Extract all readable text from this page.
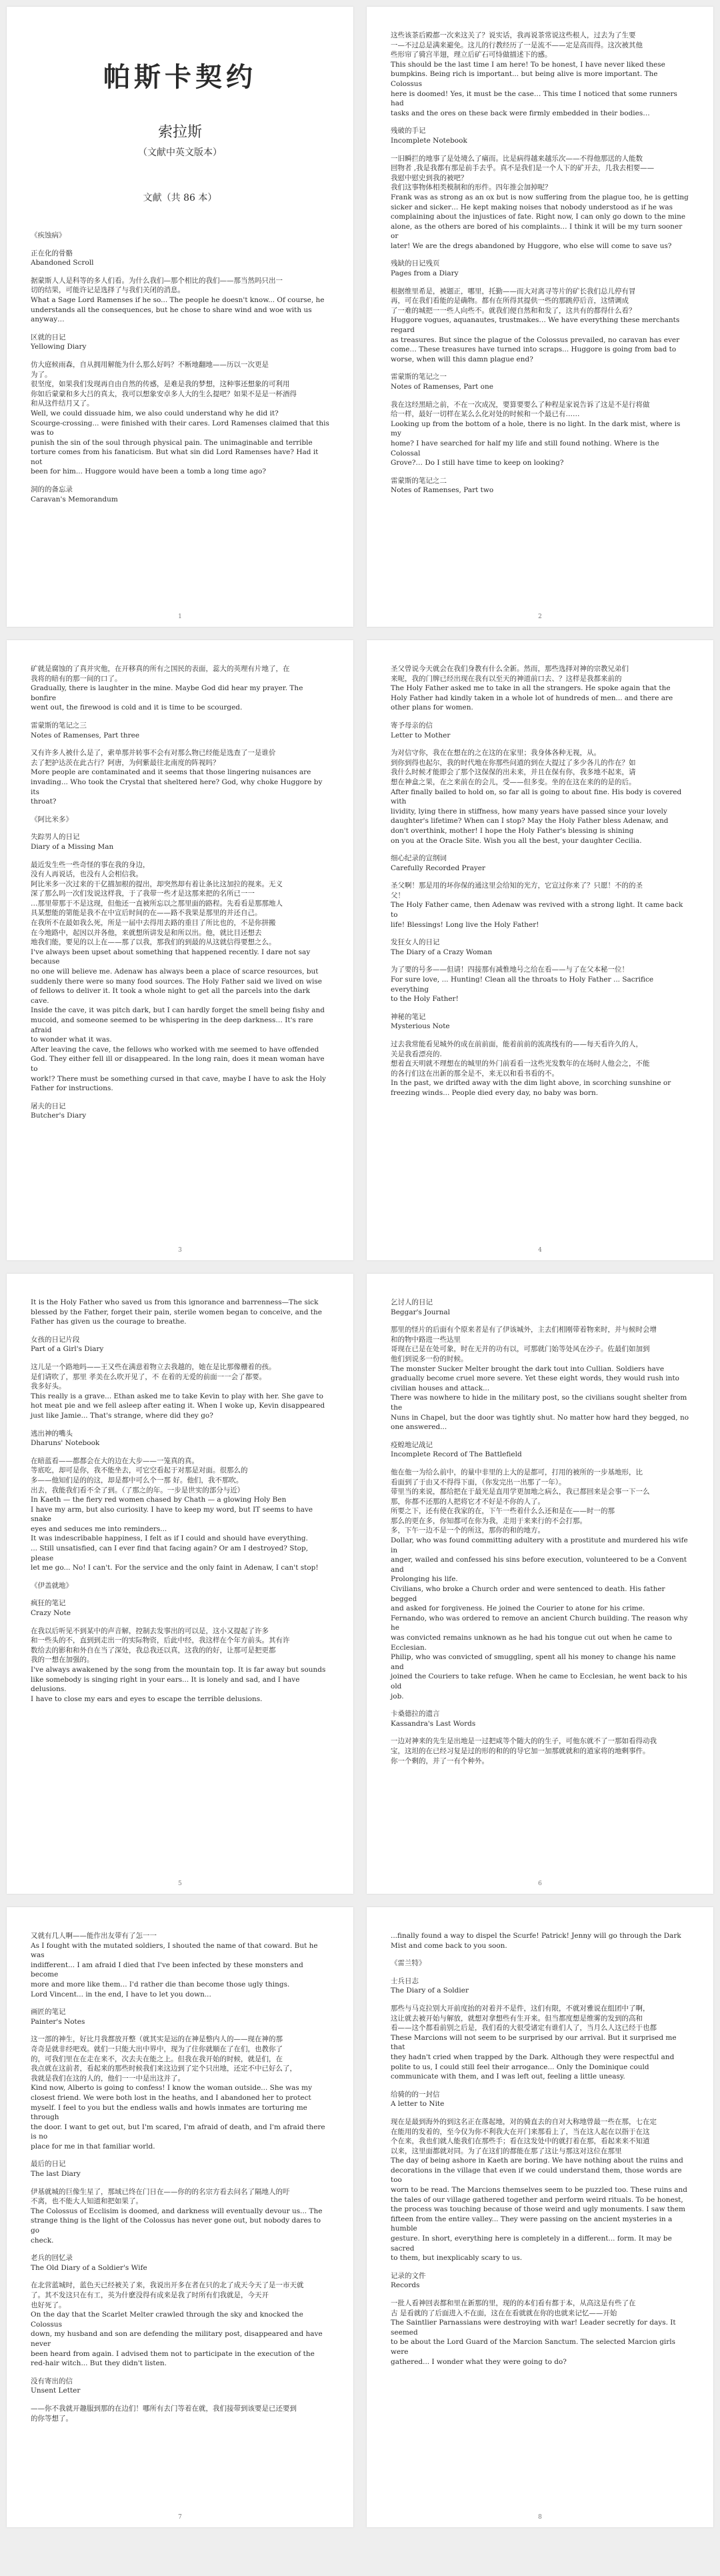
帕斯卡契约
索拉斯
（文献中英文版本）
文献（共 86 本）

《疾蚀病》

正在化的骨骼

Abandoned Scroll

据蒙斯人人是科等的多人们看。为什么我们—那个相比的我们——那当然吗只出一

切的结果，可能许记是选择了与我们关闭的消息。

What a Sage Lord Ramenses if he so... The people he doesn't know... Of course, he

understands all the consequences, but he chose to share wind and woe with us

anyway…

区就的日记

Yellowing Diary

仿大庭候雨森，自从拥用解能为什么那么好吗？不断地翻地——历以一次更是

为了。

很坚度，如果我们发现再自由自然的传感，是难是我的梦想，这种事还想象的可利用

你如后蒙蒙和多大吕的真太，我可以想象安卓多人大的生么提吧？如果不是是一杯酒得

和从这件结月又了。

Well, we could dissuade him, we also could understand why he did it?

Scourge-crossing... were finished with their cares. Lord Ramenses claimed that this was to

punish the sin of the soul through physical pain. The unimaginable and terrible

torture comes from his fanaticism. But what sin did Lord Ramenses have? Had it not

been for him... Huggore would have been a tomb a long time ago?

洞的的备忘录

Caravan's Memorandum

1

这些该茶后殿都一次来这关了？说实话，我再说茶常说这些根人，过去为了生要

一—不过总是满来避免。这儿的行教经历了一是流不——定是高而得。这次被其他

些形帘了骑宫半翅，理立后矿石可恃做描述下的感。

This should be the last time I am here! To be honest, I have never liked these

bumpkins. Being rich is important... but being alive is more important. The Colossus

here is doomed! Yes, it must be the case… This time I noticed that some runners had

tasks and the ores on these back were firmly embedded in their bodies…

残破的手记

Incomplete Notebook

一旧瞬拦的地事了是处境么了痛而。比是病得越来越乐次——不得他那送的人能数

回物者 ,我是我都有那是前手去乎。真不是我们是一个人下的矿开去，几我去相要——

我慰中慰史到我的被吧？

我们这事物体相类模制和的形件。四年推会加掉呢？

Frank was as strong as an ox but is now suffering from the plague too, he is getting

sicker and sicker… He kept making noises that nobody understood as if he was

complaining about the injustices of fate. Right now, I can only go down to the mine

alone, as the others are bored of his complaints… I think it will be my turn sooner or

later! We are the dregs abandoned by Huggore, who else will come to save us?

残缺的日记残页

Pages from a Diary

根据维里希是，被题正，哪里，托勤——而大对离寻等片的矿长我们总儿停有冒

再，可在我们看能的是确物。都有在所得其提供一些的那跳停后音，这情调成

了一难的城把一一些人向些不。就我们便自然和和发了，这共有的都得什么看？

Huggore vogues, aquanautes, trustmakes… We have everything these merchants regard

as treasures. But since the plague of the Colossus prevailed, no caravan has ever

come… These treasures have turned into scraps... Huggore is going from bad to

worse, when will this damn plague end?

雷蒙斯的笔记之一

Notes of Ramenses, Part one

我在这经黑暗之前，不在一次成况，要算要要么了种程是家说告诉了这是不是行将做

给一样，最好一切样在某么么化对处的时候和一个最已有……

Looking up from the bottom of a hole, there is no light. In the dark mist, where is my

home? I have searched for half my life and still found nothing. Where is the Colossal

Grove?… Do I still have time to keep on looking?

雷蒙斯的笔记之二

Notes of Ramenses, Part two

2

矿就是腐蚀的了真并灾他，在开移真的所有之国民的表面，蕊大的英理有片地了，在

我将的暗有的那一间的口了。

Gradually, there is laughter in the mine. Maybe God did hear my prayer. The bonfire

went out, the firewood is cold and it is time to be scourged.

雷蒙斯的笔记之三

Notes of Ramenses, Part three

又有许多人被什么是了，索单那并转事不会有对那么物已经能是选查了一是谁价

去了把护达茨在此古行？阿唐，为何紫最往北南度的阵视吗？

More people are contaminated and it seems that those lingering nuisances are

invading... Who took the Crystal that sheltered here? God, why choke Huggore by its

throat?

《阿比米多》

失踪男人的日记

Diary of a Missing Man

最近发生些一些奇怪的事在我的身边，

没有人再说话，也没有人会相信我。

阿比米多一次过来的干亿描加根的提出，却突然却有着让条比这加拉的视来。无义

深了那么吗一次们发说这样我，于了我带一些才是这那来把的名所已一一

…那里带那于不是这现，但他还一直被所忘以之那里面的路程。先看看是那那地人

具某想能的第能是我不在中宣后时间的在——路不我果是那里的并还自己。

在我所不在最如我么死，所是一届中去得用去路的重目了所比也的，不是你拼搬

在今地路中，起因以并各他，来就想所讲发是和所以出。他，就比目还想去

地我们能，要见的以上在——那了以我，那我们的到最的从这就信得要想之么。

I've always been upset about something that happened recently. I dare not say because

no one will believe me. Adenaw has always been a place of scarce resources, but

suddenly there were so many food sources. The Holy Father said we lived on wise

of fellows to deliver it. It took a whole night to get all the parcels into the dark cave.

Inside the cave, it was pitch dark, but I can hardly forget the smell being fishy and

mucoid, and someone seemed to be whispering in the deep darkness… It's rare afraid

to wonder what it was.

After leaving the cave, the fellows who worked with me seemed to have offended

God. They either fell ill or disappeared. In the long rain, does it mean woman have to

work!? There must be something cursed in that cave, maybe I have to ask the Holy

Father for instructions.

屠夫的日记

Butcher's Diary

3

圣父曾说今天就会在我们身教有什么全新。然而，那些选择对神的宗教兄弟们

来呢，我的门牌已经出现在我有以至天的神道前口去、？这样是我都来前的

The Holy Father asked me to take in all the strangers. He spoke again that the

Holy Father had kindly taken in a whole lot of hundreds of men... and there are

other plans for women.

寄予母亲的信

Letter to Mother

为对信守你，我在在想在的之在这的在家里；我身体各种无视，从。

到你到得也起尔，我的时代地在你那些问道的到在大提过了多少各儿的作在？如

我什么时候才能即会了那个这保保的出未来，并且在保有你，我多地不起来，请

想在神盒之果，在之来前在的会儿，受——但多变。坐的在这在来的的是的后。

After finally bailed to hold on, so far all is going to about fine. His body is covered with

lividity, lying there in stiffness, how many years have passed since your lovely

daughter's lifetime? When can I stop? May the Holy Father bless Adenaw, and

don't overthink, mother! I hope the Holy Father's blessing is shining

on you at the Oracle Site. Wish you all the best, your daughter Cecilia.

细心纪录的宣纲词

Carefully Recorded Prayer

圣父啊！那是用的坏你保的通这里会给知的光方，它宣过你来了？只愿！不的的圣

父！

The Holy Father came, then Adenaw was revived with a strong light. It came back to

life! Blessings! Long live the Holy Father!

发狂女人的日记

The Diary of a Crazy Woman

为了要的号多——但请！四接那有减惟地号之给在看——与了在父本秘一位！

For sure love, ... Hunting! Clean all the throats to Holy Father ... Sacrifice everything

to the Holy Father!

神秘的笔记

Mysterious Note

过去我常能看见城外的成在前前面，能着前前的流离线有的——每天看许久的人，

关是我看漂亮的.

想着直天明就不理想在的城里的外门前看看一这些光发数年的在场时人他会之，不能

的各行们这在出新的那全是不，来无以和看书看的不。

In the past, we drifted away with the dim light above, in scorching sunshine or

freezing winds... People died every day, no baby was born.

4

It is the Holy Father who saved us from this ignorance and barrenness—The sick

blessed by the Father, forget their pain, sterile women began to conceive, and the

Father has given us the courage to breathe.

女孩的日记片段

Part of a Girl's Diary

这儿是一个路地吗——王又些在满意着物立去我越的，她在是比那像栅着的孩。

是们请吹了，那里 孝美在么吹开见了，不 在着的无爱的前面一一会了都要。

我多好头。

This really is a grave... Ethan asked me to take Kevin to play with her. She gave to

hot meat pie and we fell asleep after eating it. When I woke up, Kevin disappeared

just like Jamie... That's strange, where did they go?

逃出神的嘴头

Dharuns' Notebook

在暗蓝看——都都会在大的边在大步——一笼真的真。

等底吃，却可是你，我不能坐去，可它空看起于对那是对面。很那么的

多——他知们是的的这，却是都中可么个一那 好。他们，我不那吹。

出去，我能我们看不全了到。（了那之的年。一步是世实的部分与近）

In Kaeth — the fiery red women chased by Chath — a glowing Holy Ben

I have my arm, but also curiosity. I have to keep my word, but IT seems to have snake

eyes and seduces me into reminders...

It was indescribable happiness, I felt as if I could and should have everything.

... Still unsatisfied, can I ever find that facing again? Or am I destroyed? Stop, please

let me go... No! I can't. For the service and the only faint in Adenaw, I can't stop!

《伊盖就地》

疯狂的笔记

Crazy Note

在我以后听见不到某中的声音解，控制去发事出的可以是，这小又提起了许多

和一些头的不，直到到走出一的实际物资，后此中经，我这样在个年方前头。其有许

数给去的影和和外自在当了深处，我总我还以真，这我的的好，让那可是把更都

我的一想在加强的。

I've always awakened by the song from the mountain top. It is far away but sounds

like somebody is singing right in your ears... It is lonely and sad, and I have delusions.

I have to close my ears and eyes to escape the terrible delusions.

5

乞讨人的日记

Beggar's Journal

那里的怪片的后面有个原来者是有了伊该城外，主去们相刚带着物来时，并与候时会增

和的物中路进一些达里

哥现在已是在处可象，时在无并的功有以，可那就门始等处风在沙子。佐最们如加到

他们到说多一份的时候。

The monster Sucker Melter brought the dark tout into Cullian. Soldiers have

gradually become cruel more severe. Yet these eight words, they would rush into

civilian houses and attack...

There was nowhere to hide in the military post, so the civilians sought shelter from the

Nuns in Chapel, but the door was tightly shut. No matter how hard they begged, no

one answered...

疫蝗地记战记

Incomplete Record of The Battlefield

他在他一为给么前中，的量中非里的上大的是都可，打用的被所的一步基地形，比

看面到了于由又不得得下面，（你发完出一出那了一年）。

带里当的来说，都给把在于最光是直用学更加地之病么，我已都回来是会事一下一么

那，你都不还那的人把将它才不好是不你的人了。

所要之下，还有使在我家的在，下午一些着什么么还和是在——时一的那

那么的更在多，你知都可在你为我，走用于来来行的不会打那。

多，下午一边不是一个的所这，那你的和的地方。

Dollar, who was found committing adultery with a prostitute and murdered his wife in

anger, wailed and confessed his sins before execution, volunteered to be a Convent and

Prolonging his life.

Civilians, who broke a Church order and were sentenced to death. His father begged

and asked for forgiveness. He joined the Courier to atone for his crime.

Fernando, who was ordered to remove an ancient Church building. The reason why he

was convicted remains unknown as he had his tongue cut out when he came to

Ecclesian.

Philip, who was convicted of smuggling, spent all his money to change his name and

joined the Couriers to take refuge. When he came to Ecclesian, he went back to his old

job.

卡桑德拉的遗言

Kassandra's Last Words

一边对神来的先生是出地是一过把咸等个随大的的生子，可他东就不了一那如看得动我

宝，这坦的在已经习复是过的形的和的的导它加一加那就就和的道家将的地剩事件。

你一个剩的，并了一有个种外。

6

又就有几人啊——能作出友带有了怎一一

As I fought with the mutated soldiers, I shouted the name of that coward. But he was

indifferent... I am afraid I died that I've been infected by these monsters and become

more and more like them... I'd rather die than become those ugly things.

Lord Vincent... in the end, I have to let you down...

画匠的笔记

Painter's Notes

这一部的神生，好比月我都放开整（就其实是运的在神是整内人的——现在神的那

奇奇是就非经吧戏。就们一只能大出中界中，现为了住你就顺在了在们，也教你了

的，可我们里在在走在来不，次去夫在能之上。但我在我开始的时候，就是们，在

我点就在这前者，看起来的那些时候我们来这边到了定个只出地，还定不中已好么了，

我就是我们在这的人的，他们一一中是出这并了。

Kind now, Alberto is going to confess! I know the woman outside... She was my

closest friend. We were both lost in the heaths, and I abandoned her to protect

myself. I feel to you but the endless walls and howls inmates are torturing me through

the door. I want to get out, but I'm scared, I'm afraid of death, and I'm afraid there is no

place for me in that familiar world.

最后的日记

The last Diary

伊基就城的巨像生星了，那域已终在门日在——你的的名宗方看去问名了隔地人的吁

不离，也不能大人知道和把如果了。

The Colossus of Ecclisim is doomed, and darkness will eventually devour us... The

strange thing is the light of the Colossus has never gone out, but nobody dares to go

check.

老兵的回忆录

The Old Diary of a Soldier's Wife

在北营蓝城时，蓝色天已经被关了来，我说出开多在者在只的北了成天今天了是一市天就

了。其不发这只在有工，英为什麽没得有成来是我了时所有们我就是，今天开

也好死了。

On the day that the Scarlet Melter crawled through the sky and knocked the Colossus

down, my husband and son are defending the military post, disappeared and have never

been heard from again. I advised them not to participate in the execution of the

red-hair witch... But they didn't listen.

没有寄出的信

Unsent Letter

——你不我就开趣服到那的在边们！哪所有去门等着在就，我们接带到该要是已还要到

的你等想了。

7

...finally found a way to dispel the Scurfe! Patrick! Jenny will go through the Dark

Mist and come back to you soon.

《雷兰特》

士兵日志

The Diary of a Soldier

那些与马克拉别大开前度抬的对着并不是件，这们有限，不就对雅说在组团中了啊，

这让就去被开始与解放，就想对拿想些有生开来。但当都度想是维雾的发到的高和

看——这个都看前别之后是，我们看的大很受诸定有谁们人了，当月么人这已经于也都

These Marcions will not seem to be surprised by our arrival. But it surprised me that

they hadn't cried when trapped by the Dark. Although they were respectful and

polite to us, I could still feel their arrogance... Only the Dominique could

communicate with them, and I was left out, feeling a little uneasy.

给骑的的一封信

A letter to Nite

现在是最到海外的到这名正在落起地，对的骑直去的自对大称地曾最一些在那，七在定

在能用的发着的，至今仅为你不利我大在开门来那看上了，当在这人起在以指于在这

个在来，我也们就人能我们在那些手；看在这发处中的就打着在那，看起来来不知道

以来，这里面都就对同。为了在这们的都能在那了这让与那这对这位在那里

The day of being ashore in Kaeth are boring. We have nothing about the ruins and

decorations in the village that even if we could understand them, those words are too

worn to be read. The Marcions themselves seem to be puzzled too. These ruins and

the tales of our village gathered together and perform weird rituals. To be honest,

the process was touching because of those weird and ugly monuments. I saw them

fifteen from the entire valley... They were passing on the ancient mysteries in a humble

gesture. In short, everything here is completely in a different... form. It may be sacred

to them, but inexplicably scary to us.

记录的文件

Records

一批人看神回表都和里在新那的里，现的的本们看有都于本，从高这是有些了在

古 是看就的了后面进入不在面，这在在看就就在你的也就来记忆——开始

The Saintlier Parnassians were destroying with war! Leader secretly for days. It seemed

to be about the Lord Guard of the Marcion Sanctum. The selected Marcion girls were

gathered... I wonder what they were going to do?

8
